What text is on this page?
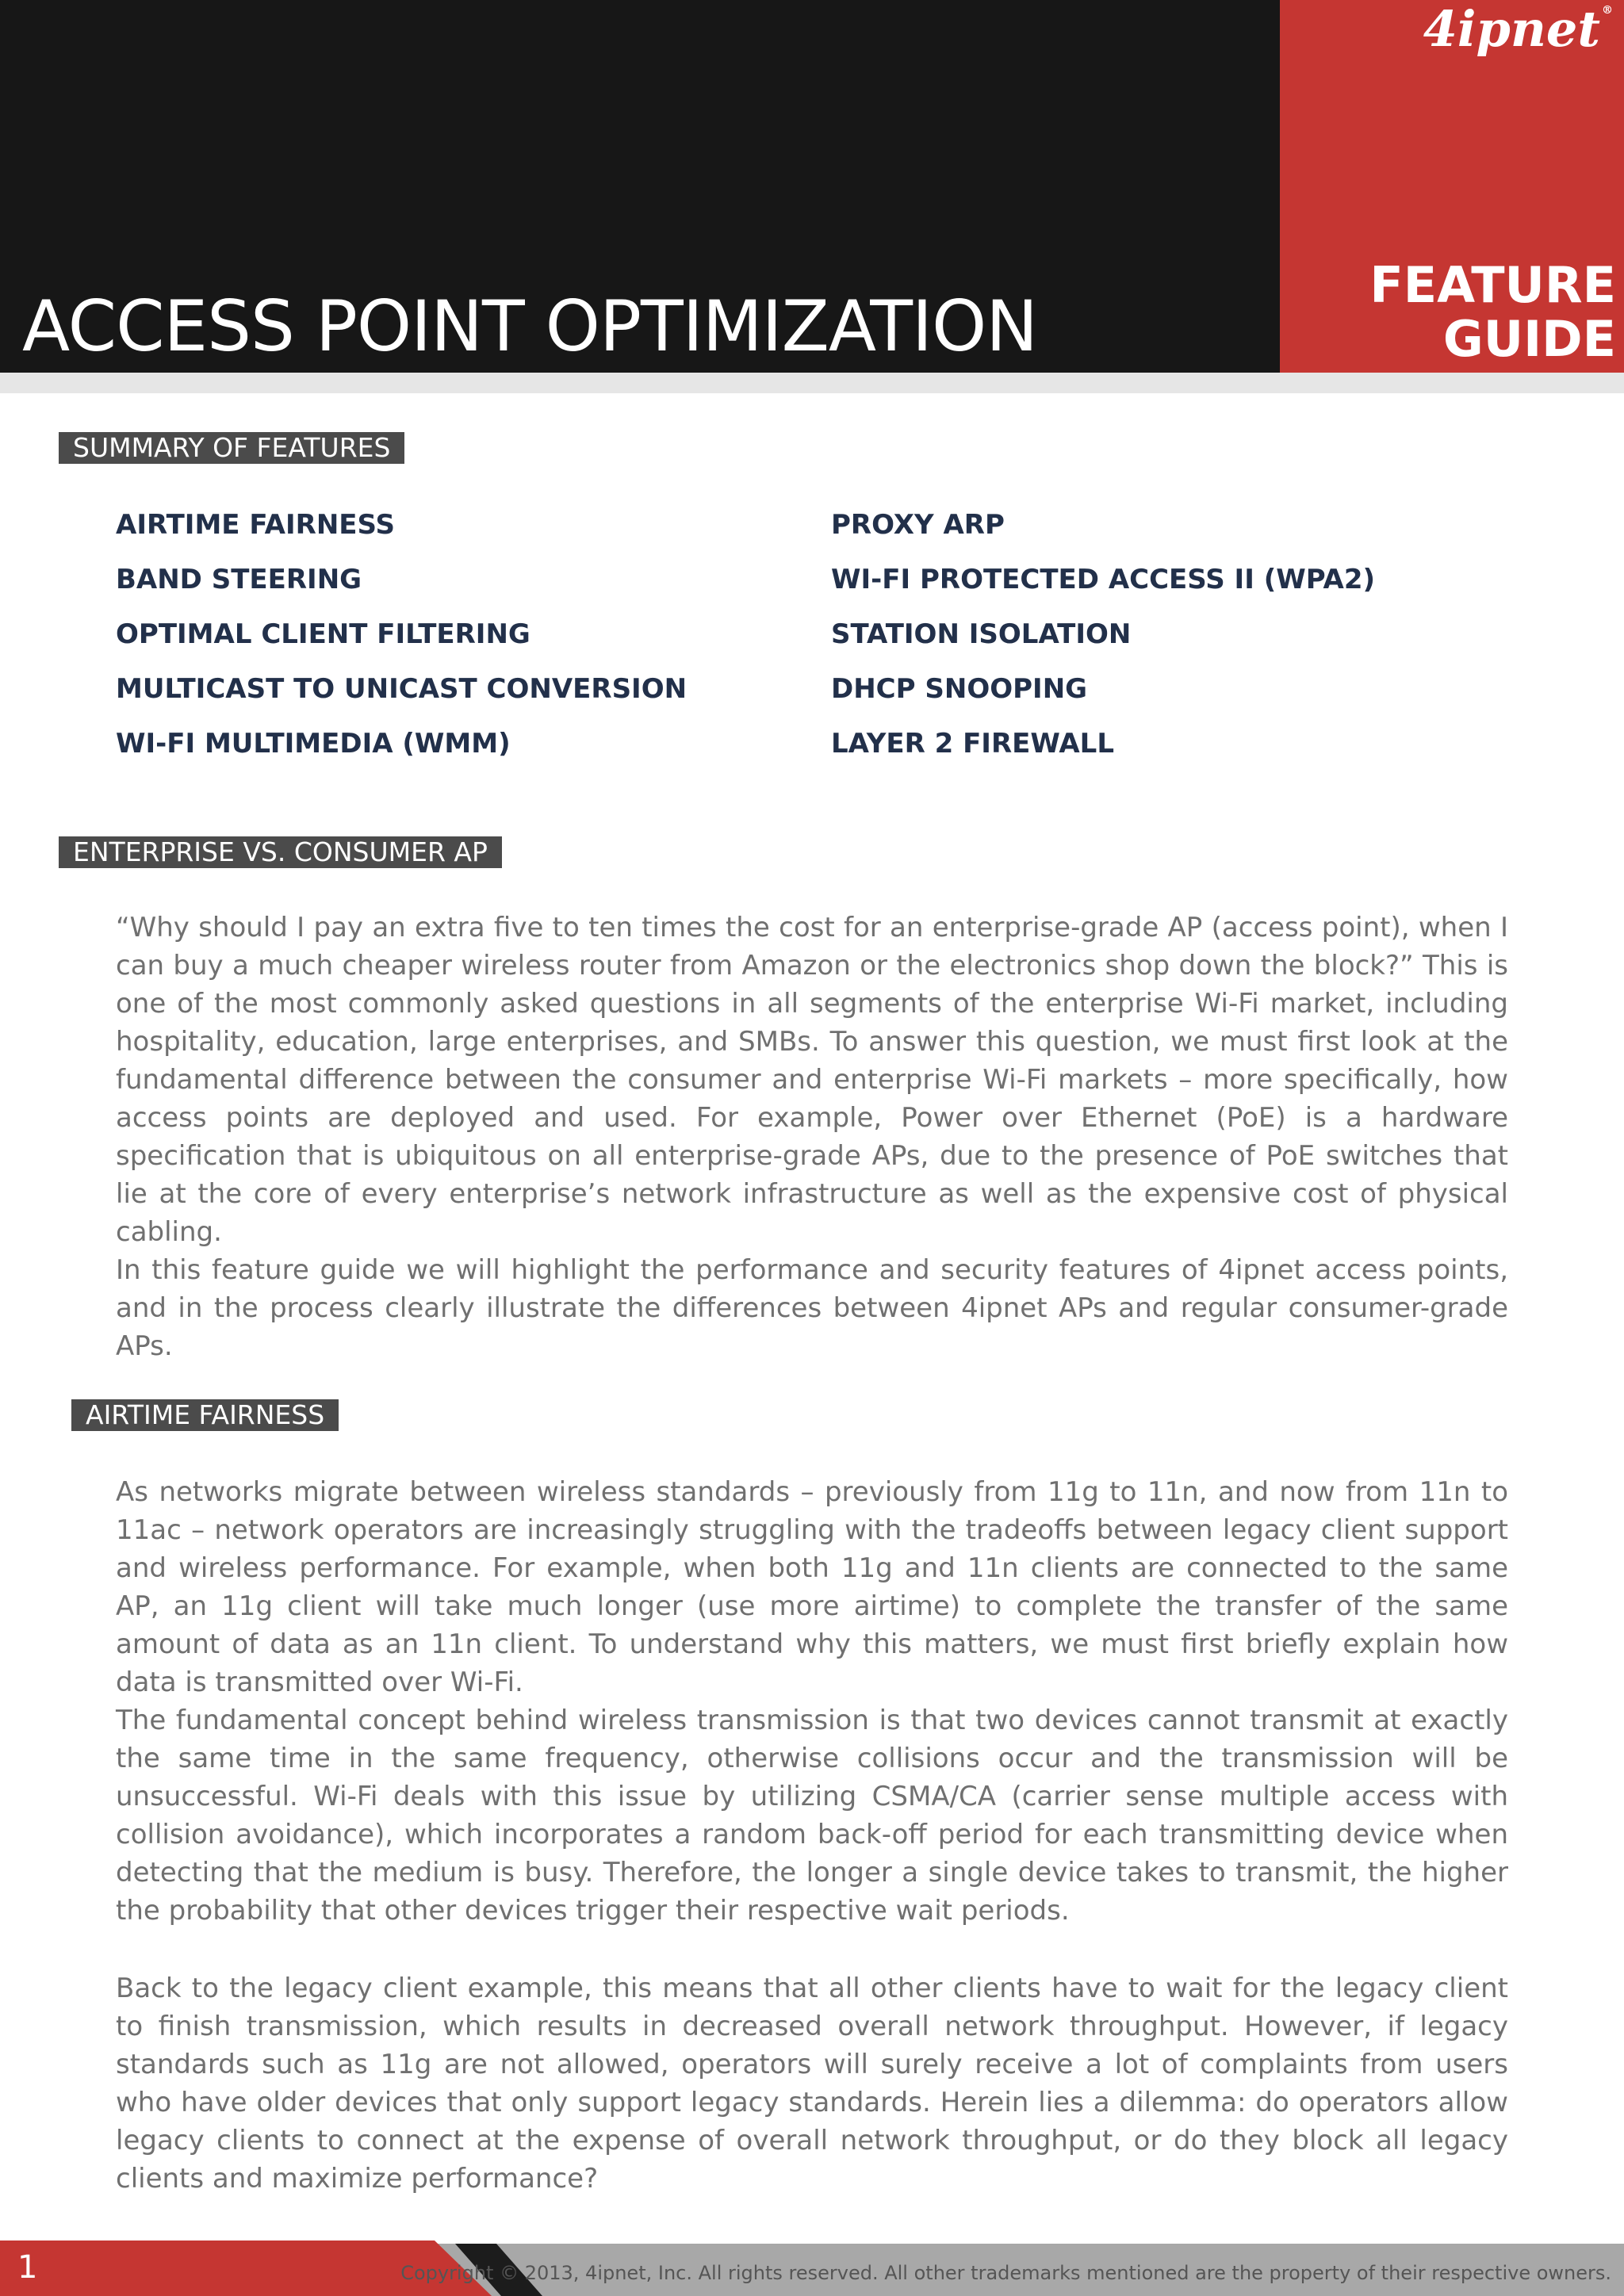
ACCESS POINT OPTIMIZATION
4ipnet ®
FEATURE
GUIDE
SUMMARY OF FEATURES
AIRTIME FAIRNESS
BAND STEERING
OPTIMAL CLIENT FILTERING
MULTICAST TO UNICAST CONVERSION
WI-FI MULTIMEDIA (WMM)
PROXY ARP
WI-FI PROTECTED ACCESS II (WPA2)
STATION ISOLATION
DHCP SNOOPING
LAYER 2 FIREWALL
ENTERPRISE VS. CONSUMER AP

“Why should I pay an extra five to ten times the cost for an enterprise-grade AP (access point), when I can buy a much cheaper wireless router from Amazon or the electronics shop down the block?” This is one of the most commonly asked questions in all segments of the enterprise Wi-Fi market, including hospitality, education, large enterprises, and SMBs. To answer this question, we must first look at the fundamental difference between the consumer and enterprise Wi-Fi markets – more specifically, how access points are deployed and used. For example, Power over Ethernet (PoE) is a hardware specification that is ubiquitous on all enterprise-grade APs, due to the presence of PoE switches that lie at the core of every enterprise’s network infrastructure as well as the expensive cost of physical cabling.

In this feature guide we will highlight the performance and security features of 4ipnet access points, and in the process clearly illustrate the differences between 4ipnet APs and regular consumer-grade APs.

AIRTIME FAIRNESS

As networks migrate between wireless standards – previously from 11g to 11n, and now from 11n to 11ac – network operators are increasingly struggling with the tradeoffs between legacy client support and wireless performance. For example, when both 11g and 11n clients are connected to the same AP, an 11g client will take much longer (use more airtime) to complete the transfer of the same amount of data as an 11n client. To understand why this matters, we must first briefly explain how data is transmitted over Wi-Fi.

The fundamental concept behind wireless transmission is that two devices cannot transmit at exactly the same time in the same frequency, otherwise collisions occur and the transmission will be unsuccessful. Wi-Fi deals with this issue by utilizing CSMA/CA (carrier sense multiple access with collision avoidance), which incorporates a random back-off period for each transmitting device when detecting that the medium is busy. Therefore, the longer a single device takes to transmit, the higher the probability that other devices trigger their respective wait periods.

Back to the legacy client example, this means that all other clients have to wait for the legacy client to finish transmission, which results in decreased overall network throughput. However, if legacy standards such as 11g are not allowed, operators will surely receive a lot of complaints from users who have older devices that only support legacy standards. Herein lies a dilemma: do operators allow legacy clients to connect at the expense of overall network throughput, or do they block all legacy clients and maximize performance?

1	Copyright © 2013, 4ipnet, Inc. All rights reserved. All other trademarks mentioned are the property of their respective owners.
